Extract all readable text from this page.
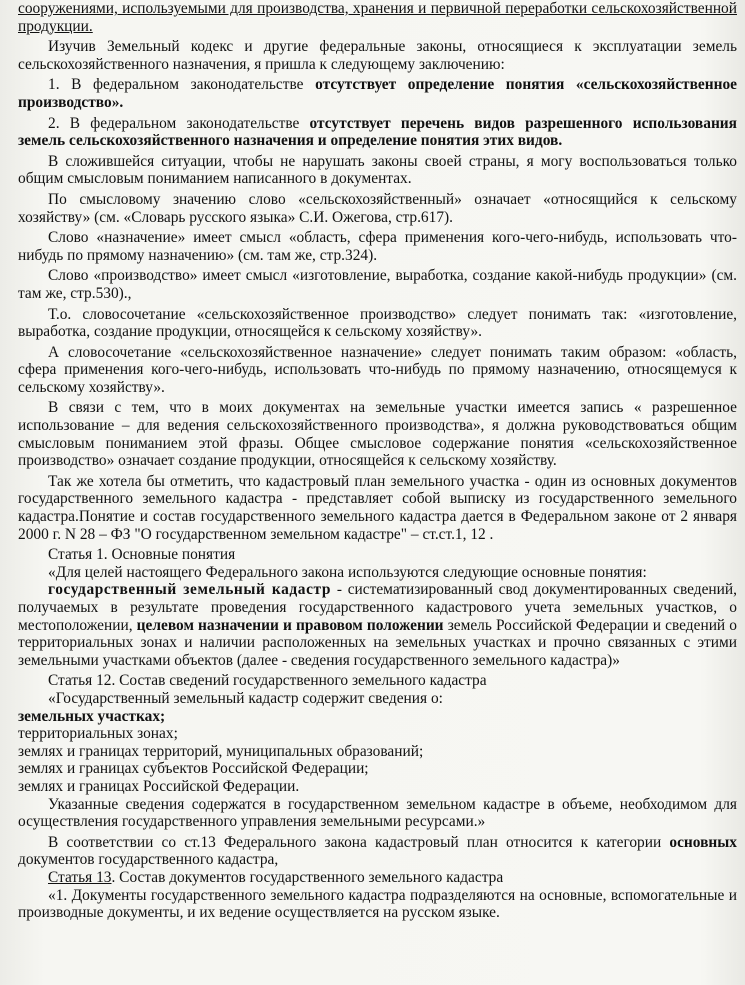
сооружениями, используемыми для производства, хранения и первичной переработки сельскохозяйственной продукции.

Изучив Земельный кодекс и другие федеральные законы, относящиеся к эксплуатации земель сельскохозяйственного назначения, я пришла к следующему заключению:

1. В федеральном законодательстве отсутствует определение понятия «сельскохозяйственное производство».

2. В федеральном законодательстве отсутствует перечень видов разрешенного использования земель сельскохозяйственного назначения и определение понятия этих видов.

В сложившейся ситуации, чтобы не нарушать законы своей страны, я могу воспользоваться только общим смысловым пониманием написанного в документах.

По смысловому значению слово «сельскохозяйственный» означает «относящийся к сельскому хозяйству» (см. «Словарь русского языка» С.И. Ожегова, стр.617).

Слово «назначение» имеет смысл «область, сфера применения кого-чего-нибудь, использовать что-нибудь по прямому назначению» (см. там же, стр.324).

Слово «производство» имеет смысл «изготовление, выработка, создание какой-нибудь продукции» (см. там же, стр.530).,

Т.о. словосочетание «сельскохозяйственное производство» следует понимать так: «изготовление, выработка, создание продукции, относящейся к сельскому хозяйству».

А словосочетание «сельскохозяйственное назначение» следует понимать таким образом: «область, сфера применения кого-чего-нибудь, использовать что-нибудь по прямому назначению, относящемуся к сельскому хозяйству».

В связи с тем, что в моих документах на земельные участки имеется запись « разрешенное использование – для ведения сельскохозяйственного производства», я должна руководствоваться общим смысловым пониманием этой фразы. Общее смысловое содержание понятия «сельскохозяйственное производство» означает создание продукции, относящейся к сельскому хозяйству.

Так же хотела бы отметить, что кадастровый план земельного участка - один из основных документов государственного земельного кадастра - представляет собой выписку из государственного земельного кадастра.Понятие и состав государственного земельного кадастра дается в Федеральном законе от 2 января 2000 г. N 28 – ФЗ "О государственном земельном кадастре" – ст.ст.1, 12 .

Статья 1. Основные понятия

«Для целей настоящего Федерального закона используются следующие основные понятия:

государственный земельный кадастр - систематизированный свод документированных сведений, получаемых в результате проведения государственного кадастрового учета земельных участков, о местоположении, целевом назначении и правовом положении земель Российской Федерации и сведений о территориальных зонах и наличии расположенных на земельных участках и прочно связанных с этими земельными участками объектов (далее - сведения государственного земельного кадастра)»

Статья 12. Состав сведений государственного земельного кадастра

«Государственный земельный кадастр содержит сведения о:

земельных участках;

территориальных зонах;

землях и границах территорий, муниципальных образований;

землях и границах субъектов Российской Федерации;

землях и границах Российской Федерации.

Указанные сведения содержатся в государственном земельном кадастре в объеме, необходимом для осуществления государственного управления земельными ресурсами.»

В соответствии со ст.13 Федерального закона кадастровый план относится к категории основных документов государственного кадастра,

Статья 13. Состав документов государственного земельного кадастра

«1. Документы государственного земельного кадастра подразделяются на основные, вспомогательные и производные документы, и их ведение осуществляется на русском языке.
